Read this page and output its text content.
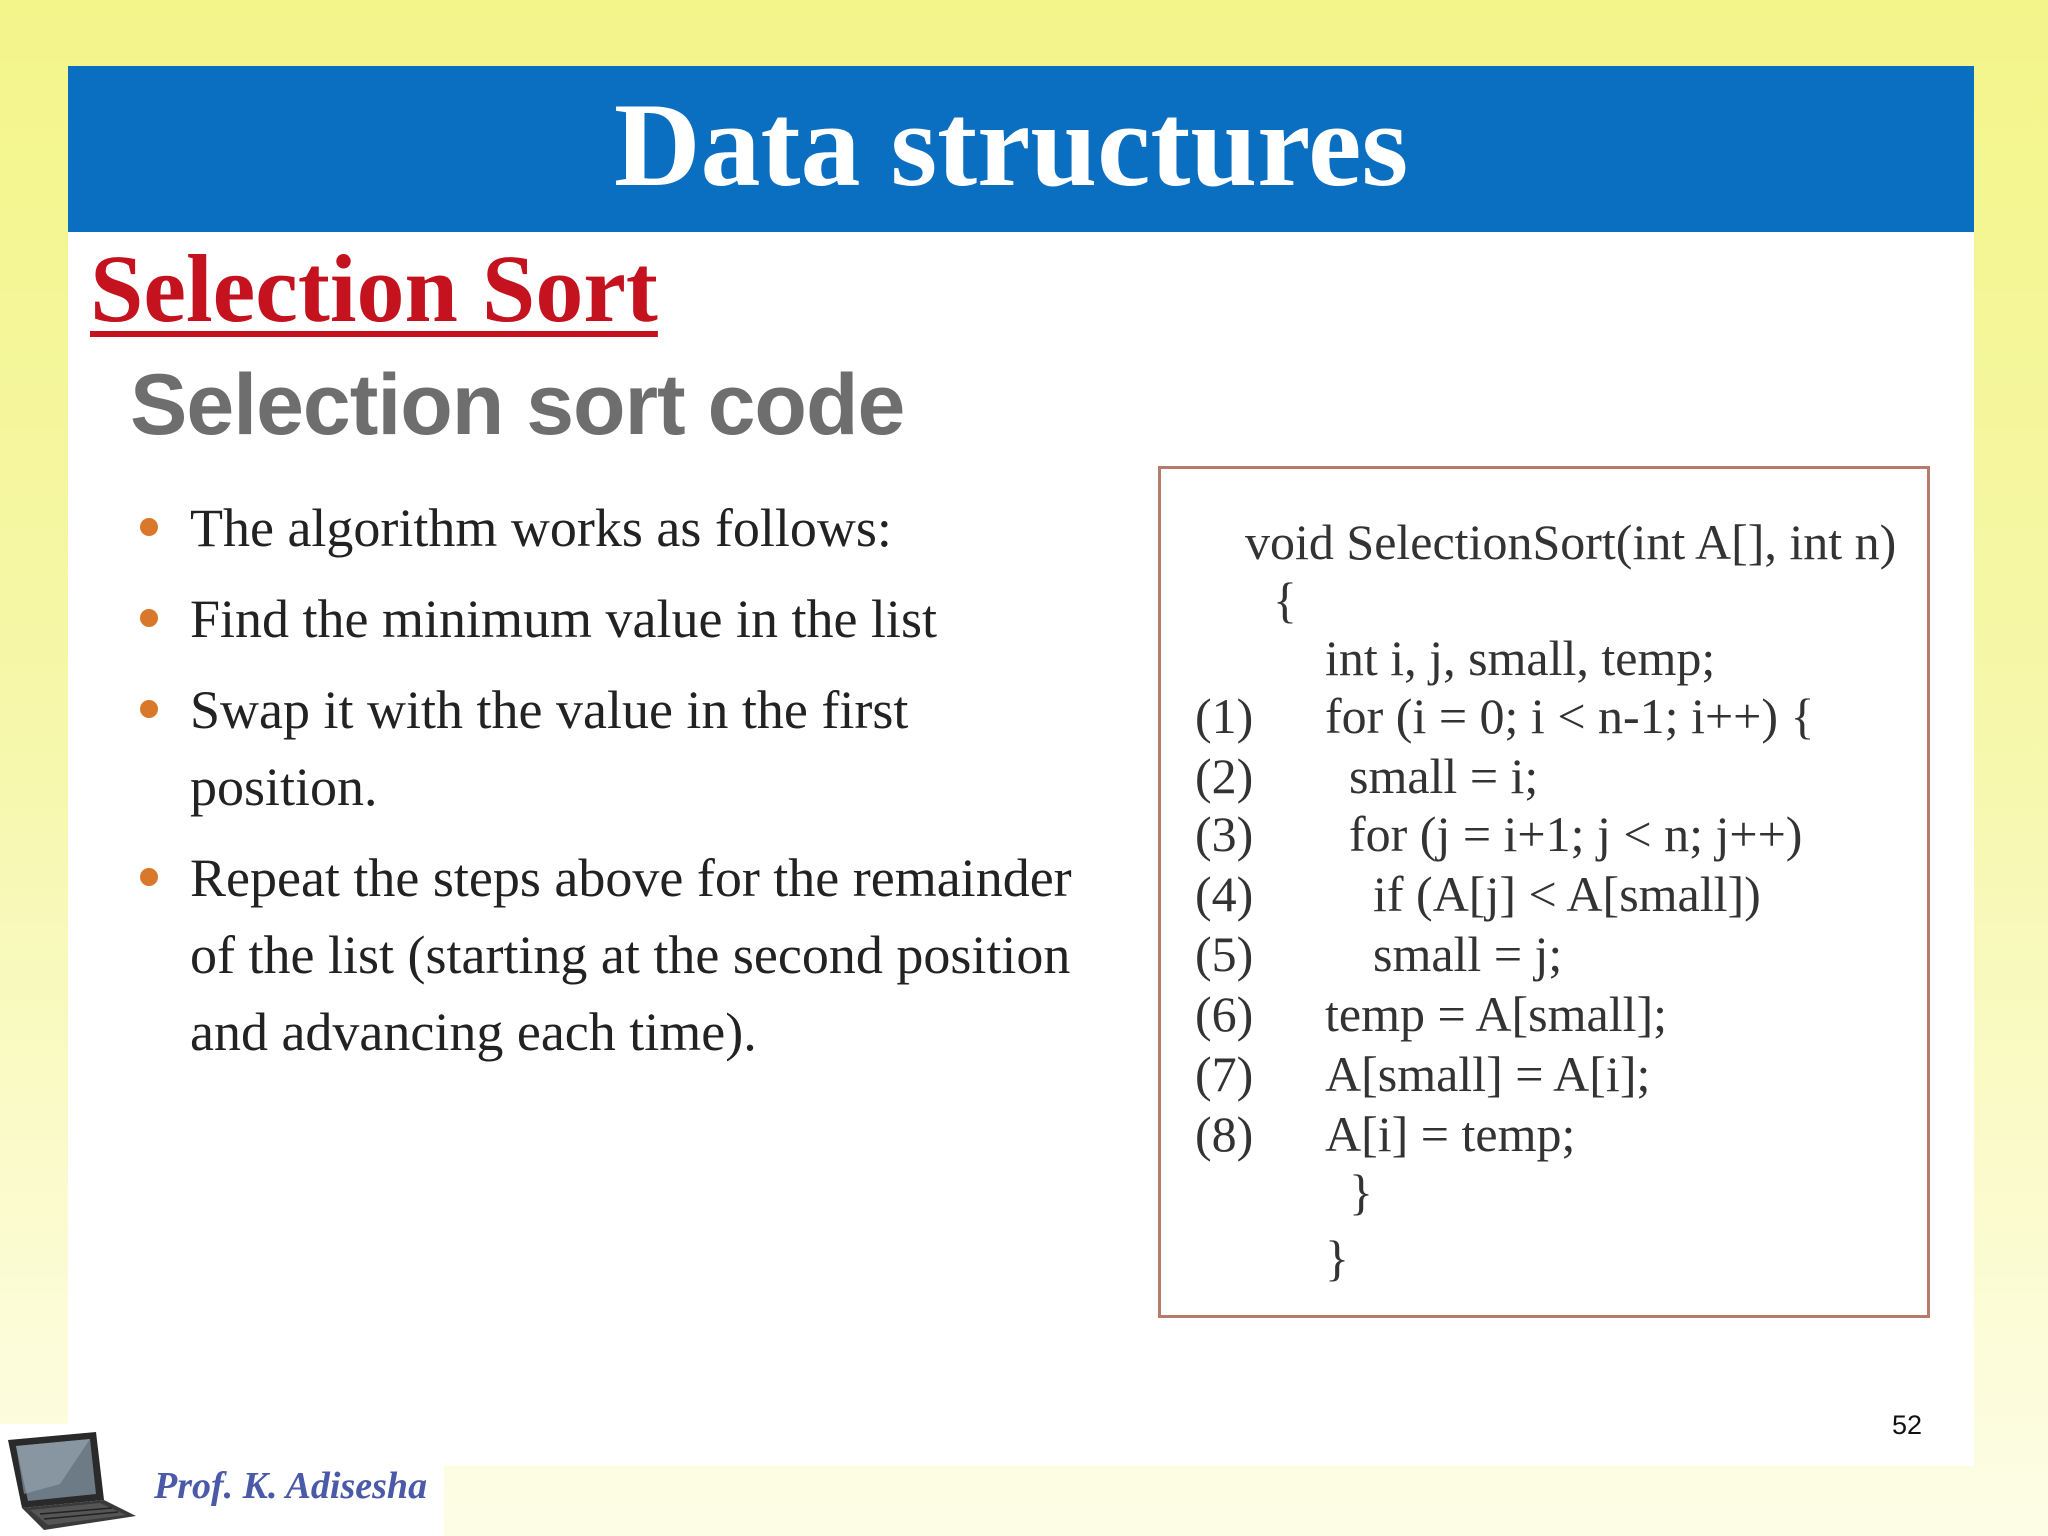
Data structures
Selection Sort
Selection sort code
The algorithm works as follows:
Find the minimum value in the list
Swap it with the value in the first position.
Repeat the steps above for the remainder of the list (starting at the second position and advancing each time).
void SelectionSort(int A[], int n)
{
int i, j, small, temp;
(1) for (i = 0; i < n-1; i++) {
(2) small = i;
(3) for (j = i+1; j < n; j++)
(4) if (A[j] < A[small])
(5) small = j;
(6) temp = A[small];
(7) A[small] = A[i];
(8) A[i] = temp;
}
}
52
Prof. K. Adisesha
